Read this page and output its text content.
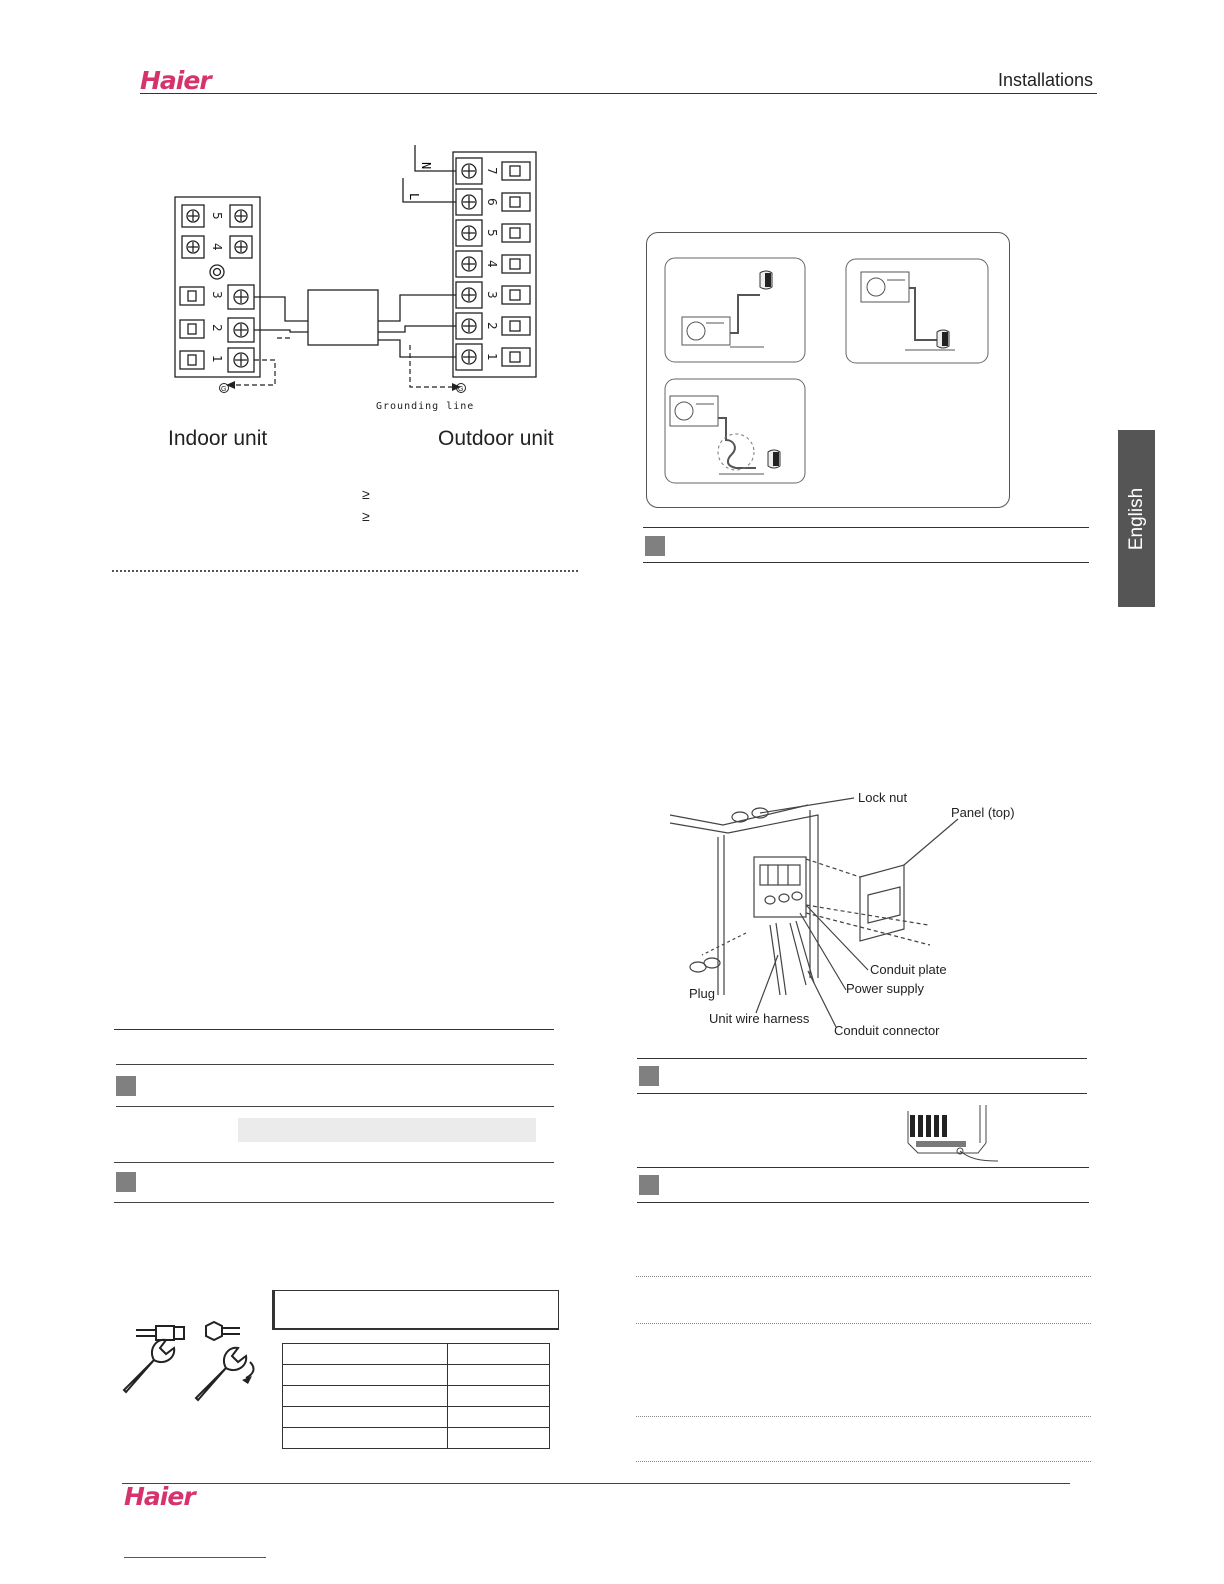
Haier	Installations
English
N
L
5
4
3
2
1
7
6
5
4
3
2
1
G	G
Grounding line
Indoor unit	Outdoor unit
≥
≥
Lock nut
Panel (top)
Conduit plate
Power supply
Plug
Unit wire harness
Conduit connector

Haier
